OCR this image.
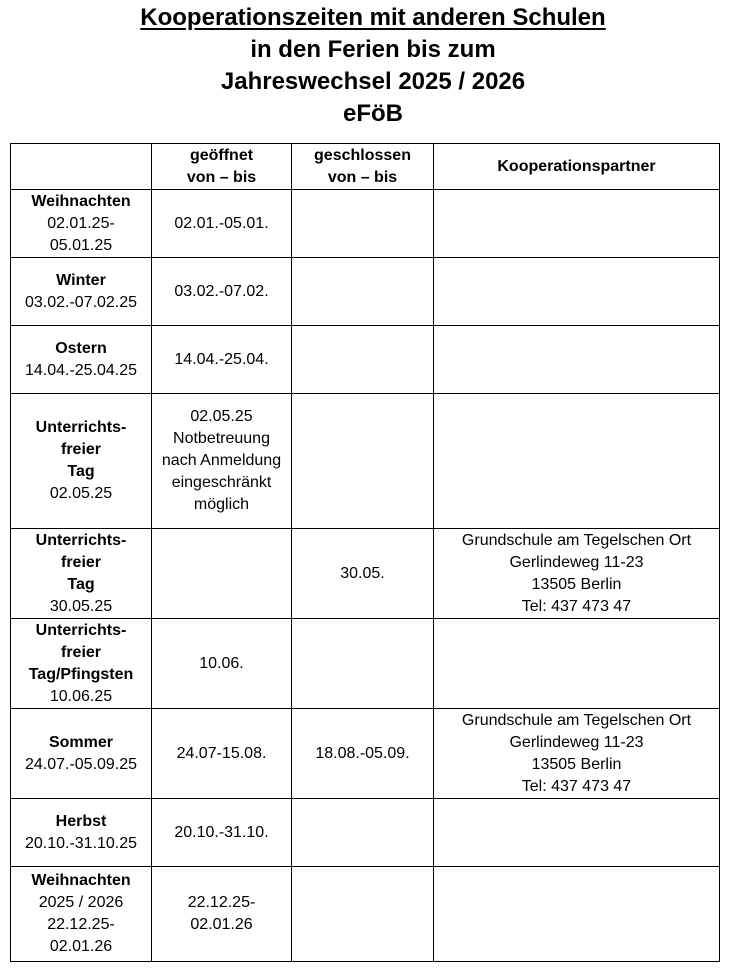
Kooperationszeiten mit anderen Schulen
in den Ferien bis zum
Jahreswechsel 2025 / 2026
eFöB
	geöffnet
von – bis	geschlossen
von – bis	Kooperationspartner

Weihnachten
02.01.25-
05.01.25	02.01.-05.01.		

Winter
03.02.-07.02.25	03.02.-07.02.		

Ostern
14.04.-25.04.25	14.04.-25.04.		

Unterrichts-
freier
Tag
02.05.25	02.05.25
Notbetreuung
nach Anmeldung
eingeschränkt
möglich		

Unterrichts-
freier
Tag
30.05.25		30.05.	Grundschule am Tegelschen Ort
Gerlindeweg 11-23
13505 Berlin
Tel: 437 473 47

Unterrichts-
freier
Tag/Pfingsten
10.06.25	10.06.		

Sommer
24.07.-05.09.25	24.07-15.08.	18.08.-05.09.	Grundschule am Tegelschen Ort
Gerlindeweg 11-23
13505 Berlin
Tel: 437 473 47

Herbst
20.10.-31.10.25	20.10.-31.10.		

Weihnachten
2025 / 2026
22.12.25-
02.01.26	22.12.25-
02.01.26		
